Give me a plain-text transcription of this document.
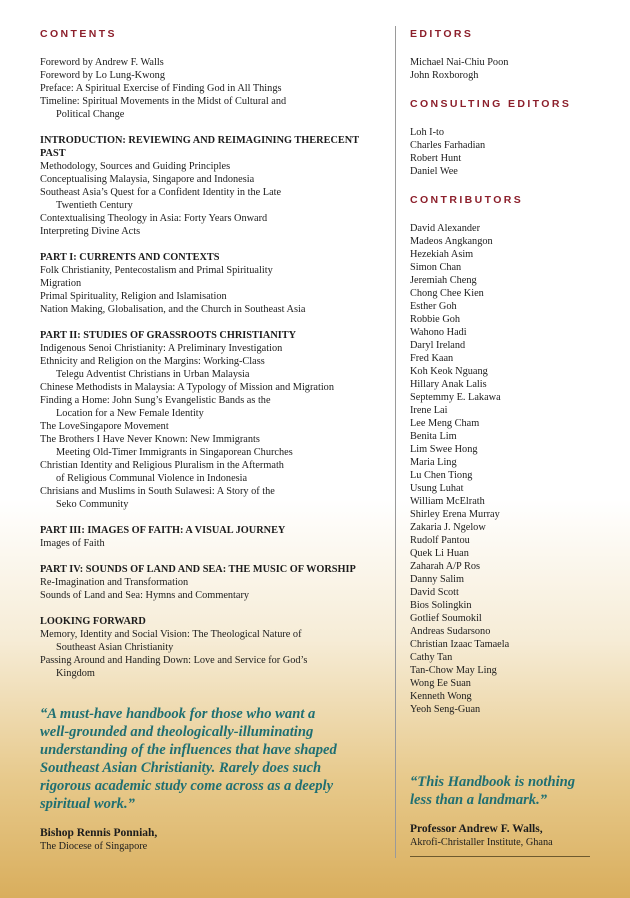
CONTENTS
Foreword by Andrew F. Walls
Foreword by Lo Lung-Kwong
Preface: A Spiritual Exercise of Finding God in All Things
Timeline: Spiritual Movements in the Midst of Cultural and
Political Change
INTRODUCTION: REVIEWING AND REIMAGINING THERECENT PAST
Methodology, Sources and Guiding Principles
Conceptualising Malaysia, Singapore and Indonesia
Southeast Asia’s Quest for a Confident Identity in the Late
Twentieth Century
Contextualising Theology in Asia: Forty Years Onward
Interpreting Divine Acts
PART I: CURRENTS AND CONTEXTS
Folk Christianity, Pentecostalism and Primal Spirituality
Migration
Primal Spirituality, Religion and Islamisation
Nation Making, Globalisation, and the Church in Southeast Asia
PART II: STUDIES OF GRASSROOTS CHRISTIANITY
Indigenous Senoi Christianity: A Preliminary Investigation
Ethnicity and Religion on the Margins: Working-Class
Telegu Adventist Christians in Urban Malaysia
Chinese Methodists in Malaysia: A Typology of Mission and Migration
Finding a Home: John Sung’s Evangelistic Bands as the
Location for a New Female Identity
The LoveSingapore Movement
The Brothers I Have Never Known: New Immigrants
Meeting Old-Timer Immigrants in Singaporean Churches
Christian Identity and Religious Pluralism in the Aftermath
of Religious Communal Violence in Indonesia
Chrisians and Muslims in South Sulawesi: A Story of the
Seko Community
PART III: IMAGES OF FAITH: A VISUAL JOURNEY
Images of Faith
PART IV: SOUNDS OF LAND AND SEA: THE MUSIC OF WORSHIP
Re-Imagination and Transformation
Sounds of Land and Sea: Hymns and Commentary
LOOKING FORWARD
Memory, Identity and Social Vision: The Theological Nature of
Southeast Asian Christianity
Passing Around and Handing Down: Love and Service for God’s
Kingdom
EDITORS
Michael Nai-Chiu Poon
John Roxborogh
CONSULTING EDITORS
Loh I-to
Charles Farhadian
Robert Hunt
Daniel Wee
CONTRIBUTORS
David Alexander
Madeos Angkangon
Hezekiah Asim
Simon Chan
Jeremiah Cheng
Chong Chee Kien
Esther Goh
Robbie Goh
Wahono Hadi
Daryl Ireland
Fred Kaan
Koh Keok Nguang
Hillary Anak Lalis
Septemmy E. Lakawa
Irene Lai
Lee Meng Cham
Benita Lim
Lim Swee Hong
Maria Ling
Lu Chen Tiong
Usung Luhat
William McElrath
Shirley Erena Murray
Zakaria J. Ngelow
Rudolf Pantou
Quek Li Huan
Zaharah A/P Ros
Danny Salim
David Scott
Bios Solingkin
Gotlief Soumokil
Andreas Sudarsono
Christian Izaac Tamaela
Cathy Tan
Tan-Chow May Ling
Wong Ee Suan
Kenneth Wong
Yeoh Seng-Guan
“A must-have handbook for those who want a
well-grounded and theologically-illuminating
understanding of the influences that have shaped
Southeast Asian Christianity. Rarely does such
rigorous academic study come across as a deeply
spiritual work.”
Bishop Rennis Ponniah,
The Diocese of Singapore
“This Handbook is nothing
less than a landmark.”
Professor Andrew F. Walls,
Akrofi-Christaller Institute, Ghana
